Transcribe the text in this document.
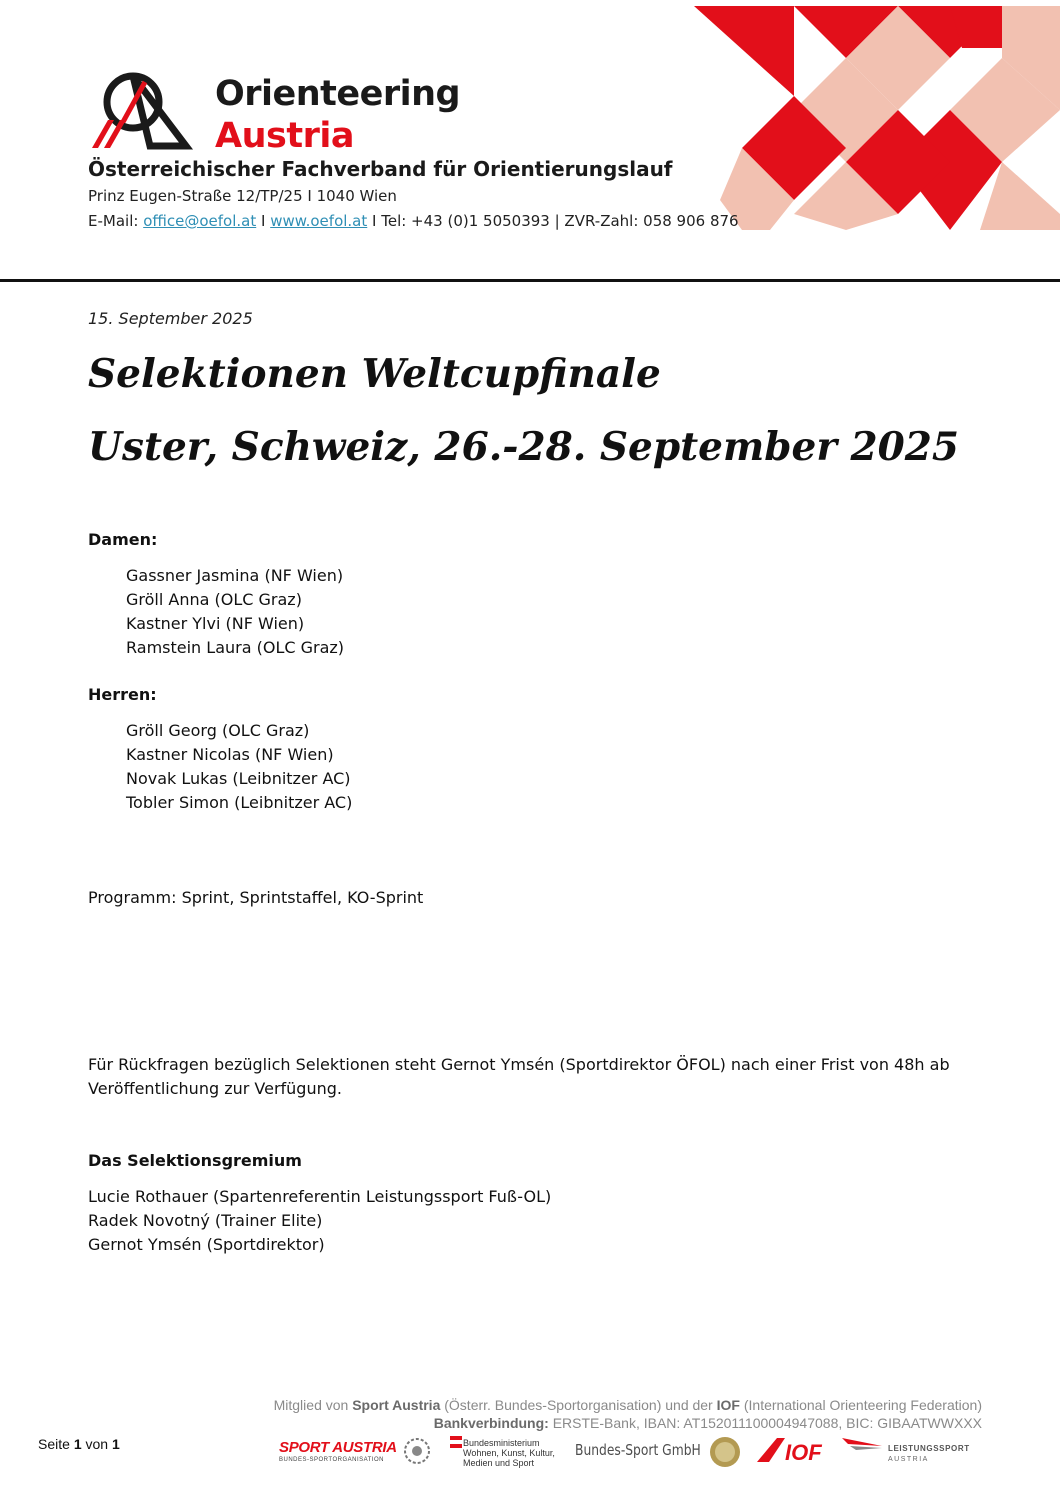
Orienteering
Austria
Österreichischer Fachverband für Orientierungslauf
Prinz Eugen-Straße 12/TP/25 I 1040 Wien
E-Mail: office@oefol.at I www.oefol.at I Tel: +43 (0)1 5050393 | ZVR-Zahl: 058 906 876
15. September 2025
Selektionen Weltcupfinale
Uster, Schweiz, 26.-28. September 2025
Damen:
Gassner Jasmina (NF Wien)
Gröll Anna (OLC Graz)
Kastner Ylvi (NF Wien)
Ramstein Laura (OLC Graz)
Herren:
Gröll Georg (OLC Graz)
Kastner Nicolas (NF Wien)
Novak Lukas (Leibnitzer AC)
Tobler Simon (Leibnitzer AC)
Programm: Sprint, Sprintstaffel, KO-Sprint
Für Rückfragen bezüglich Selektionen steht Gernot Ymsén (Sportdirektor ÖFOL) nach einer Frist von 48h ab
Veröffentlichung zur Verfügung.
Das Selektionsgremium
Lucie Rothauer (Spartenreferentin Leistungssport Fuß-OL)
Radek Novotný (Trainer Elite)
Gernot Ymsén (Sportdirektor)
Mitglied von Sport Austria (Österr. Bundes-Sportorganisation) und der IOF (International Orienteering Federation)
Bankverbindung: ERSTE-Bank, IBAN: AT152011100004947088, BIC: GIBAATWWXXX
Seite 1 von 1	SPORT AUSTRIA
BUNDES-SPORTORGANISATION
Bundesministerium Wohnen, Kunst, Kultur, Medien und Sport
Bundes-Sport GmbH	IOF	LEISTUNGSSPORT
AUSTRIA
